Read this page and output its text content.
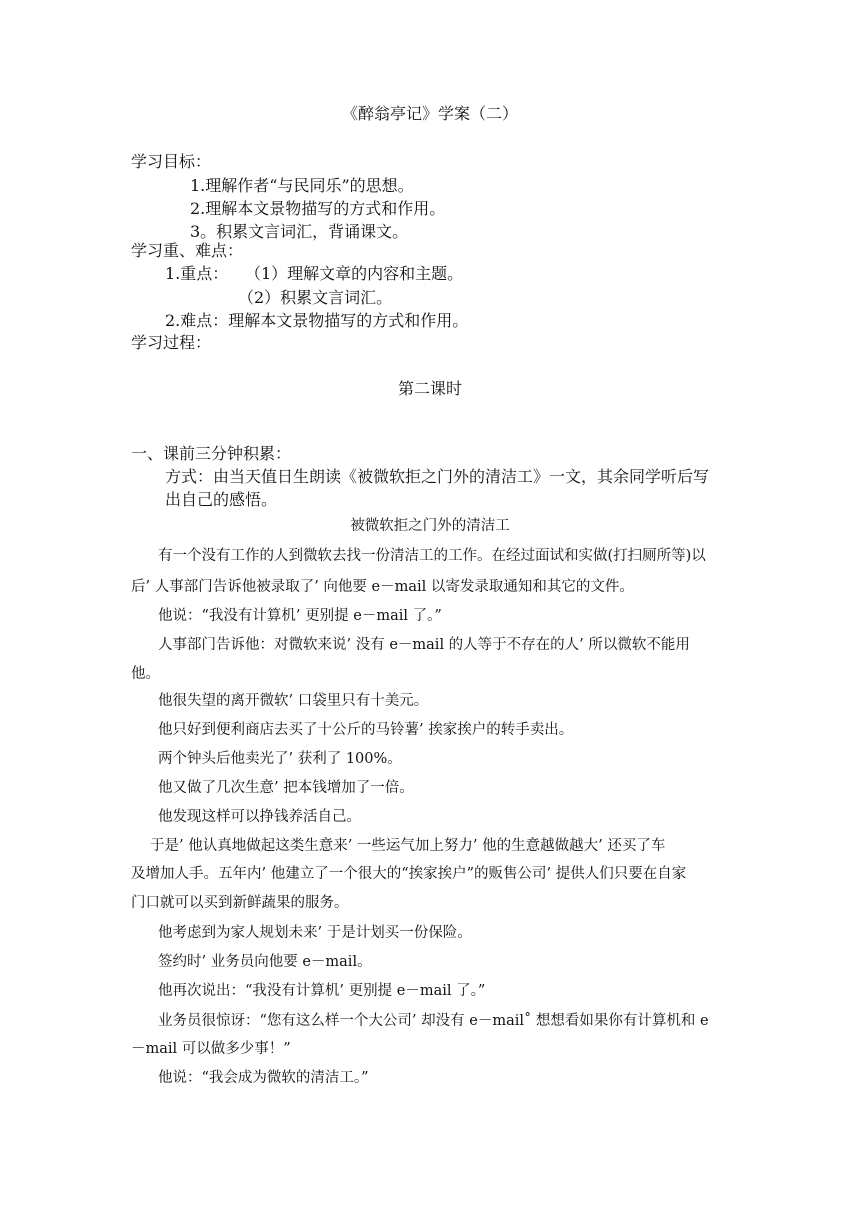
《醉翁亭记》学案（二）
学习目标：
1.理解作者“与民同乐”的思想。
2.理解本文景物描写的方式和作用。
3。积累文言词汇，背诵课文。
学习重、难点：
1.重点： （1）理解文章的内容和主题。
（2）积累文言词汇。
2.难点：理解本文景物描写的方式和作用。
学习过程：
第二课时
一、课前三分钟积累：
方式：由当天值日生朗读《被微软拒之门外的清洁工》一文，其余同学听后写
出自己的感悟。
被微软拒之门外的清洁工
有一个没有工作的人到微软去找一份清洁工的工作。在经过面试和实做(打扫厕所等)以
后’ 人事部门告诉他被录取了’ 向他要 e－mail 以寄发录取通知和其它的文件。
他说：“我没有计算机’ 更别提 e－mail 了。”
人事部门告诉他：对微软来说’ 没有 e－mail 的人等于不存在的人’ 所以微软不能用
他。
他很失望的离开微软’ 口袋里只有十美元。
他只好到便利商店去买了十公斤的马铃薯’ 挨家挨户的转手卖出。
两个钟头后他卖光了’ 获利了 100%。
他又做了几次生意’ 把本钱增加了一倍。
他发现这样可以挣钱养活自己。
于是’ 他认真地做起这类生意来’ 一些运气加上努力’ 他的生意越做越大’ 还买了车
及增加人手。五年内’ 他建立了一个很大的“挨家挨户”的贩售公司’ 提供人们只要在自家
门口就可以买到新鲜蔬果的服务。
他考虑到为家人规划未来’ 于是计划买一份保险。
签约时’ 业务员向他要 e－mail。
他再次说出：“我没有计算机’ 更别提 e－mail 了。”
业务员很惊讶：“您有这么样一个大公司’ 却没有 e－mail˚ 想想看如果你有计算机和 e
－mail 可以做多少事！”
他说：“我会成为微软的清洁工。”
